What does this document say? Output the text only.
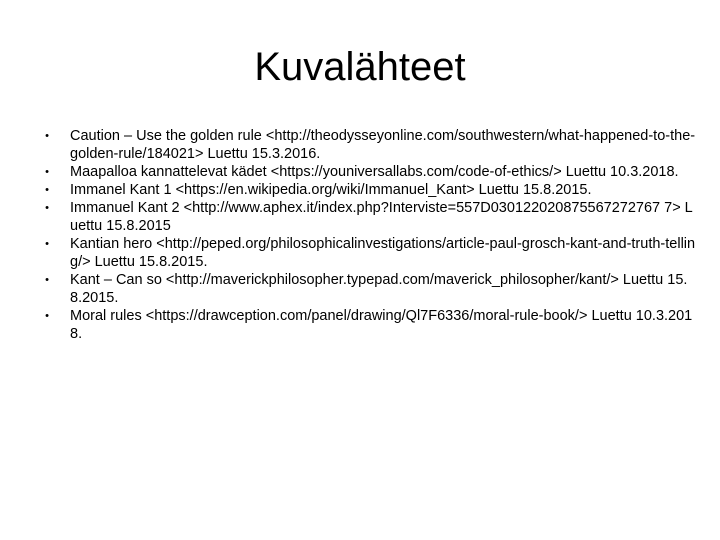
Kuvalähteet
• Caution – Use the golden rule <http://theodysseyonline.com/southwestern/what-happened-to-the-golden-rule/184021> Luettu 15.3.2016.
• Maapalloa kannattelevat kädet <https://youniversallabs.com/code-of-ethics/> Luettu 10.3.2018.
• Immanel Kant 1 <https://en.wikipedia.org/wiki/Immanuel_Kant> Luettu 15.8.2015.
• Immanuel Kant 2 <http://www.aphex.it/index.php?Interviste=557D030122020875567272767 7> Luettu 15.8.2015
• Kantian hero <http://peped.org/philosophicalinvestigations/article-paul-grosch-kant-and-truth-telling/> Luettu 15.8.2015.
• Kant – Can so <http://maverickphilosopher.typepad.com/maverick_philosopher/kant/> Luettu 15.8.2015.
• Moral rules <https://drawception.com/panel/drawing/Ql7F6336/moral-rule-book/> Luettu 10.3.2018.
